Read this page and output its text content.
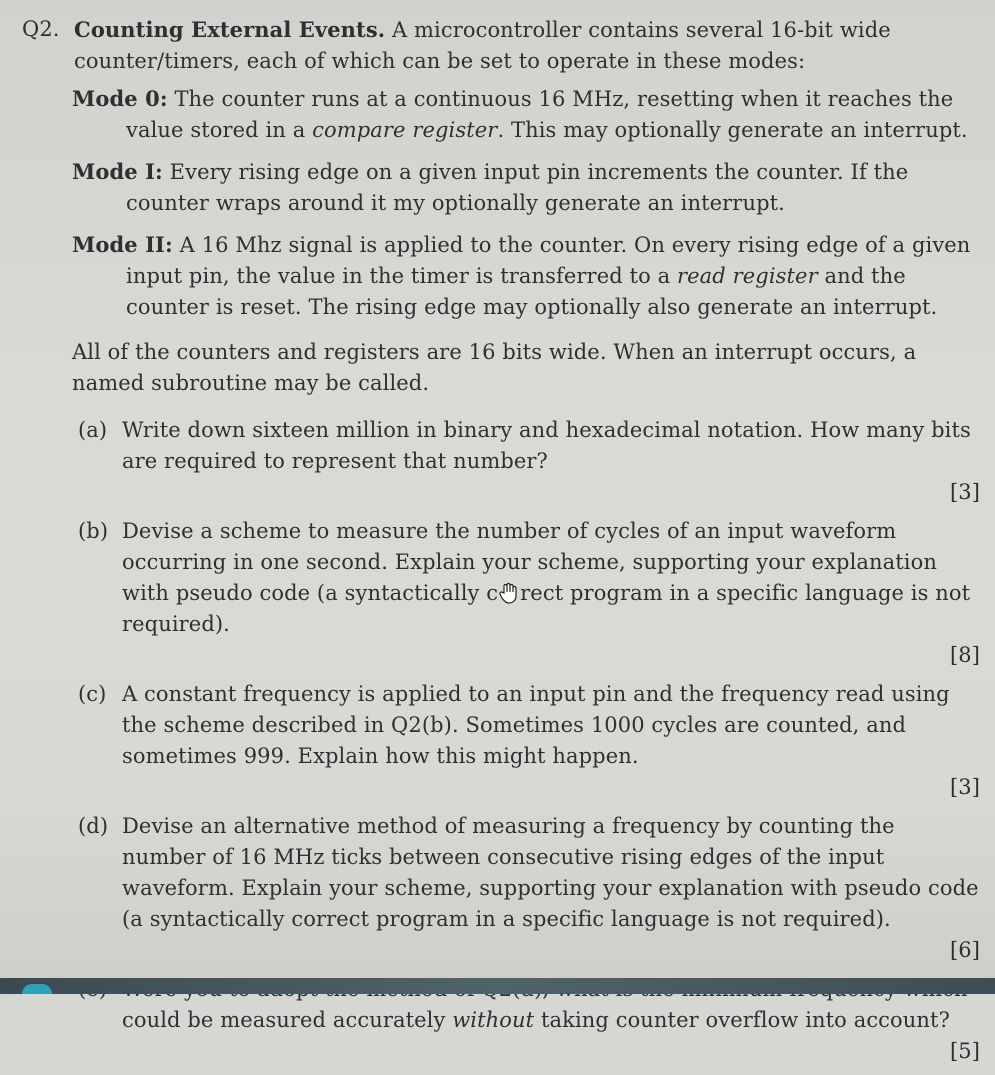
Q2. Counting External Events. A microcontroller contains several 16-bit wide counter/timers, each of which can be set to operate in these modes:

Mode 0: The counter runs at a continuous 16 MHz, resetting when it reaches the value stored in a compare register. This may optionally generate an interrupt.

Mode I: Every rising edge on a given input pin increments the counter. If the counter wraps around it my optionally generate an interrupt.

Mode II: A 16 Mhz signal is applied to the counter. On every rising edge of a given input pin, the value in the timer is transferred to a read register and the counter is reset. The rising edge may optionally also generate an interrupt.

All of the counters and registers are 16 bits wide. When an interrupt occurs, a named subroutine may be called.
(a) Write down sixteen million in binary and hexadecimal notation. How many bits are required to represent that number?
[3]
(b) Devise a scheme to measure the number of cycles of an input waveform occurring in one second. Explain your scheme, supporting your explanation with pseudo code (a syntactically c rect program in a specific language is not required).
[8]
(c) A constant frequency is applied to an input pin and the frequency read using the scheme described in Q2(b). Sometimes 1000 cycles are counted, and sometimes 999. Explain how this might happen.
[3]
(d) Devise an alternative method of measuring a frequency by counting the number of 16 MHz ticks between consecutive rising edges of the input waveform. Explain your scheme, supporting your explanation with pseudo code (a syntactically correct program in a specific language is not required).
[6]
could be measured accurately without taking counter overflow into account?
[5]
